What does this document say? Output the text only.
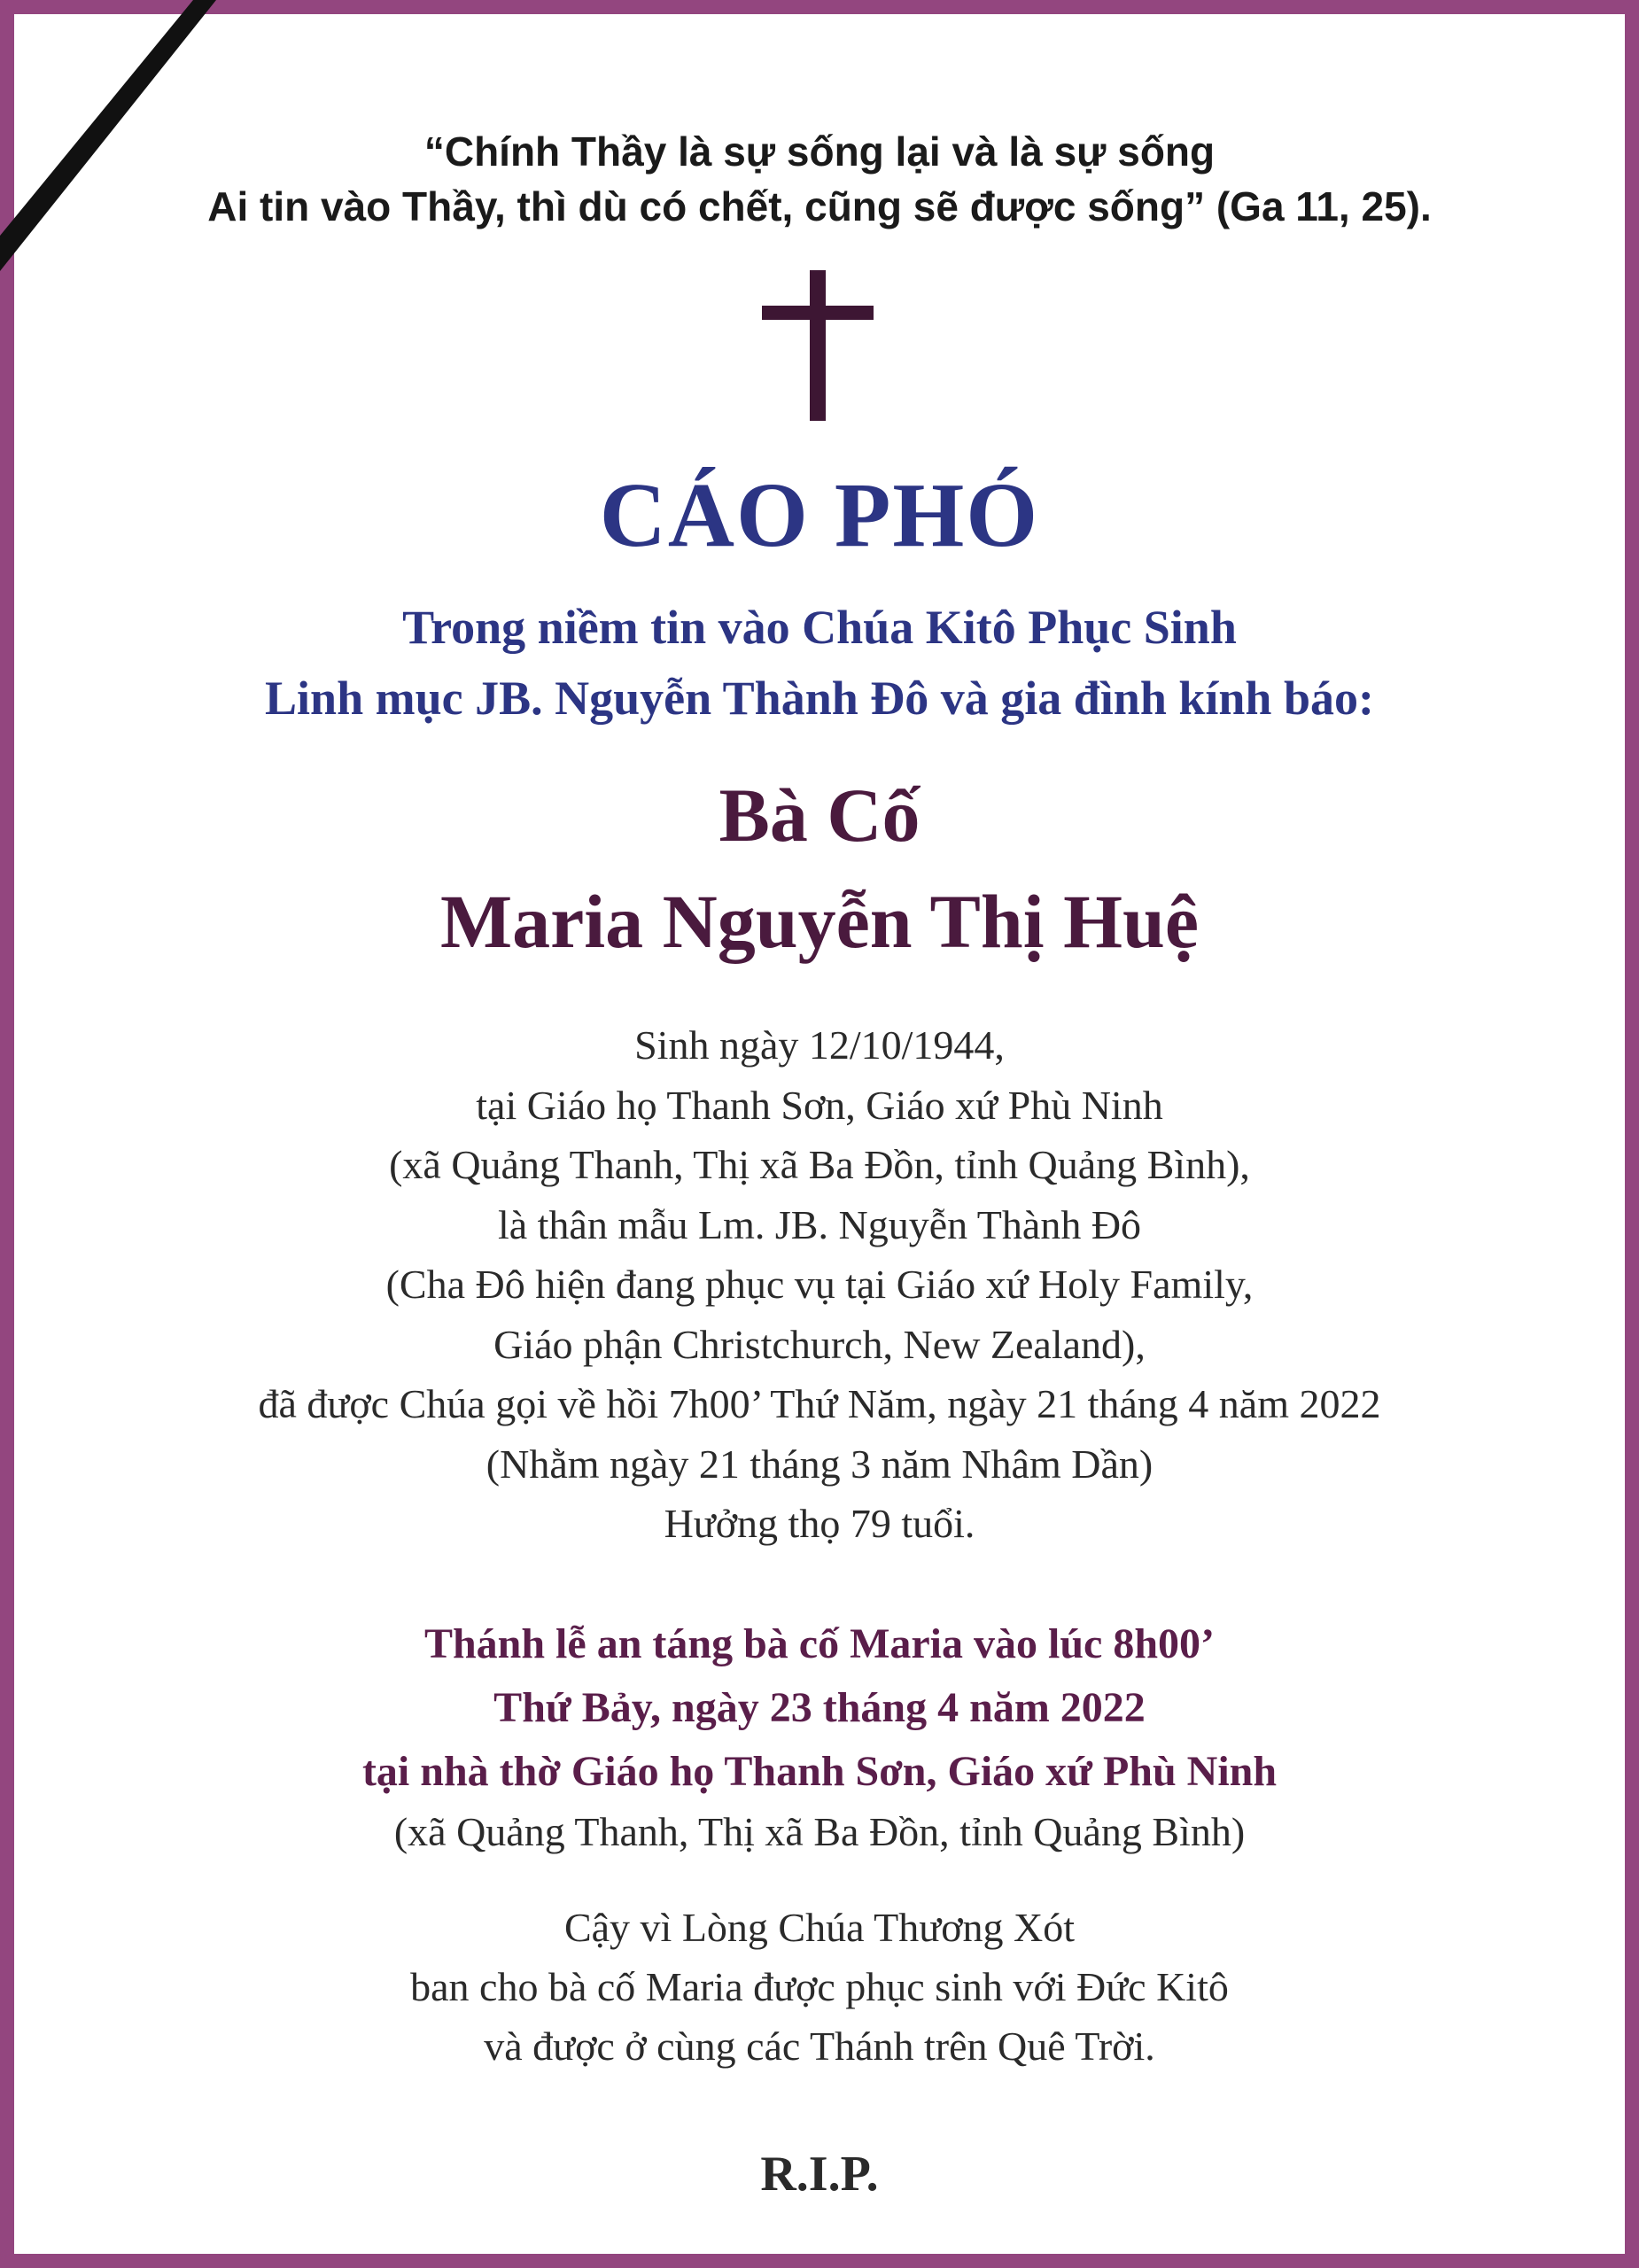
“Chính Thầy là sự sống lại và là sự sống
Ai tin vào Thầy, thì dù có chết, cũng sẽ được sống” (Ga 11, 25).
CÁO PHÓ
Trong niềm tin vào Chúa Kitô Phục Sinh
Linh mục JB. Nguyễn Thành Đô và gia đình kính báo:
Bà Cố
Maria Nguyễn Thị Huệ
Sinh ngày 12/10/1944,
tại Giáo họ Thanh Sơn, Giáo xứ Phù Ninh
(xã Quảng Thanh, Thị xã Ba Đồn, tỉnh Quảng Bình),
là thân mẫu Lm. JB. Nguyễn Thành Đô
(Cha Đô hiện đang phục vụ tại Giáo xứ Holy Family,
Giáo phận Christchurch, New Zealand),
đã được Chúa gọi về hồi 7h00’ Thứ Năm, ngày 21 tháng 4 năm 2022
(Nhằm ngày 21 tháng 3 năm Nhâm Dần)
Hưởng thọ 79 tuổi.
Thánh lễ an táng bà cố Maria vào lúc 8h00’
Thứ Bảy, ngày 23 tháng 4 năm 2022
tại nhà thờ Giáo họ Thanh Sơn, Giáo xứ Phù Ninh
(xã Quảng Thanh, Thị xã Ba Đồn, tỉnh Quảng Bình)
Cậy vì Lòng Chúa Thương Xót
ban cho bà cố Maria được phục sinh với Đức Kitô
và được ở cùng các Thánh trên Quê Trời.
R.I.P.
